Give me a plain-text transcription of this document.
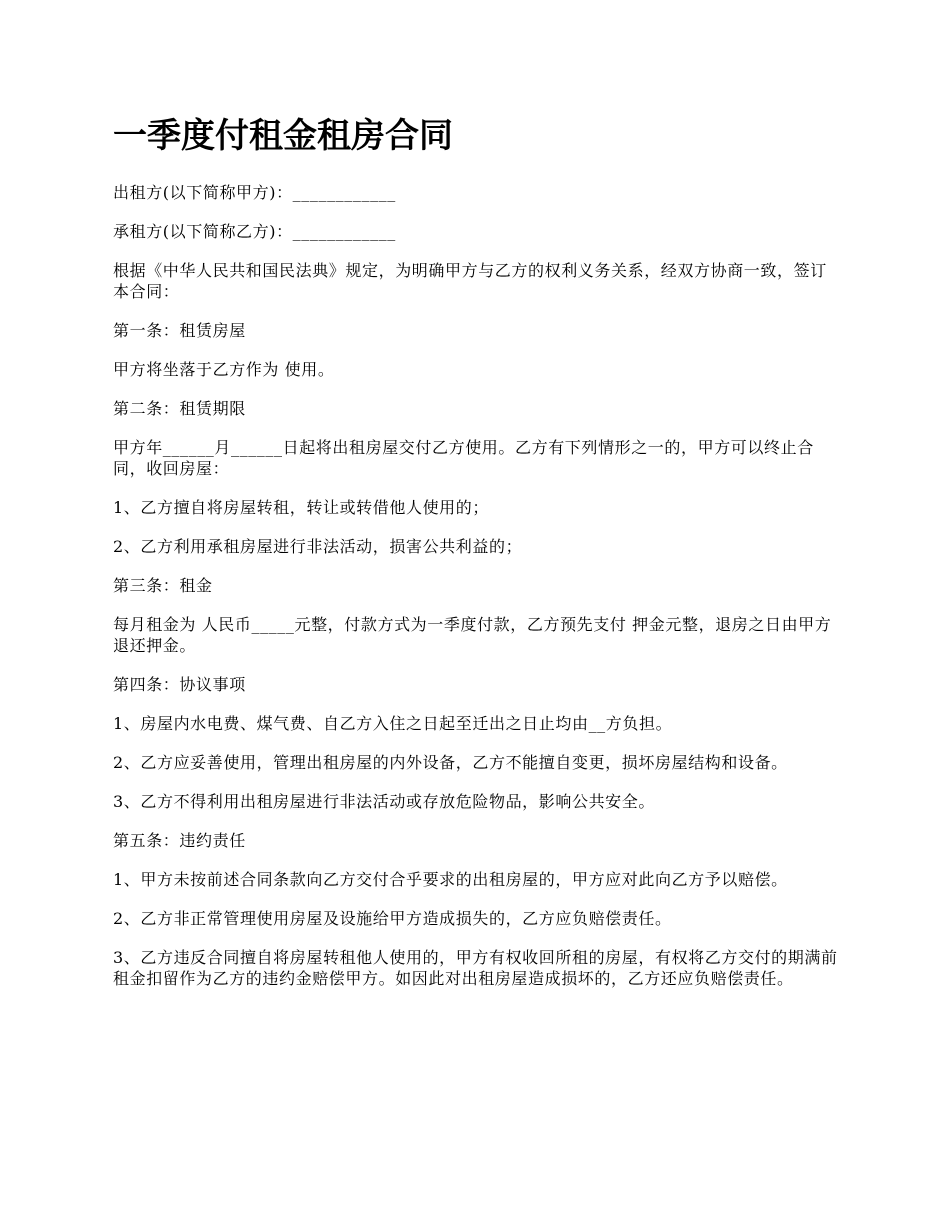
一季度付租金租房合同

出租方(以下简称甲方)：____________

承租方(以下简称乙方)：____________

根据《中华人民共和国民法典》规定，为明确甲方与乙方的权利义务关系，经双方协商一致，签订本合同：

第一条：租赁房屋

甲方将坐落于乙方作为 使用。

第二条：租赁期限

甲方年______月______日起将出租房屋交付乙方使用。乙方有下列情形之一的，甲方可以终止合同，收回房屋：

1、乙方擅自将房屋转租，转让或转借他人使用的；

2、乙方利用承租房屋进行非法活动，损害公共利益的；

第三条：租金

每月租金为 人民币_____元整，付款方式为一季度付款，乙方预先支付 押金元整，退房之日由甲方退还押金。

第四条：协议事项

1、房屋内水电费、煤气费、自乙方入住之日起至迁出之日止均由__方负担。

2、乙方应妥善使用，管理出租房屋的内外设备，乙方不能擅自变更，损坏房屋结构和设备。

3、乙方不得利用出租房屋进行非法活动或存放危险物品，影响公共安全。

第五条：违约责任

1、甲方未按前述合同条款向乙方交付合乎要求的出租房屋的，甲方应对此向乙方予以赔偿。

2、乙方非正常管理使用房屋及设施给甲方造成损失的，乙方应负赔偿责任。

3、乙方违反合同擅自将房屋转租他人使用的，甲方有权收回所租的房屋，有权将乙方交付的期满前租金扣留作为乙方的违约金赔偿甲方。如因此对出租房屋造成损坏的，乙方还应负赔偿责任。
